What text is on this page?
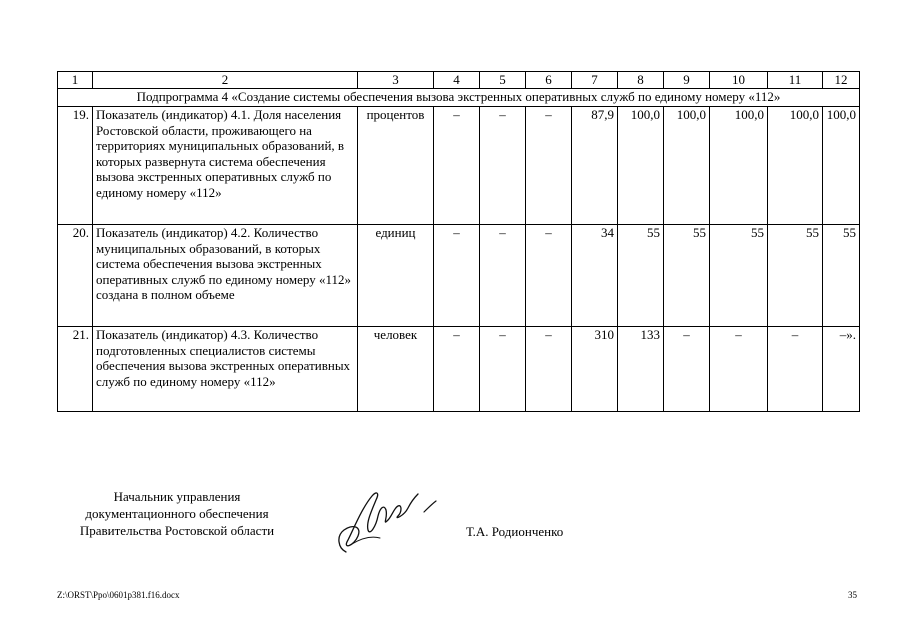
1	2	3	4	5	6	7	8	9	10	11	12
Подпрограмма 4 «Создание системы обеспечения вызова экстренных оперативных служб по единому номеру «112»											
19.	Показатель (индикатор) 4.1. Доля населения Ростовской области, проживающего на территориях муниципальных образований, в которых развернута система обеспечения вызова экстренных оперативных служб по единому номеру «112»	процентов	–	–	–	87,9	100,0	100,0	100,0	100,0	100,0
20.	Показатель (индикатор) 4.2. Количество муниципальных образований, в которых система обеспечения вызова экстренных оперативных служб по единому номеру «112» создана в полном объеме	единиц	–	–	–	34	55	55	55	55	55
21.	Показатель (индикатор) 4.3. Количество подготовленных специалистов системы обеспечения вызова экстренных оперативных служб по единому номеру «112»	человек	–	–	–	310	133	–	–	–	–».
Начальник управления
документационного обеспечения
Правительства Ростовской области	Т.А. Родионченко
Z:\ORST\Ppo\0601p381.f16.docx	35
